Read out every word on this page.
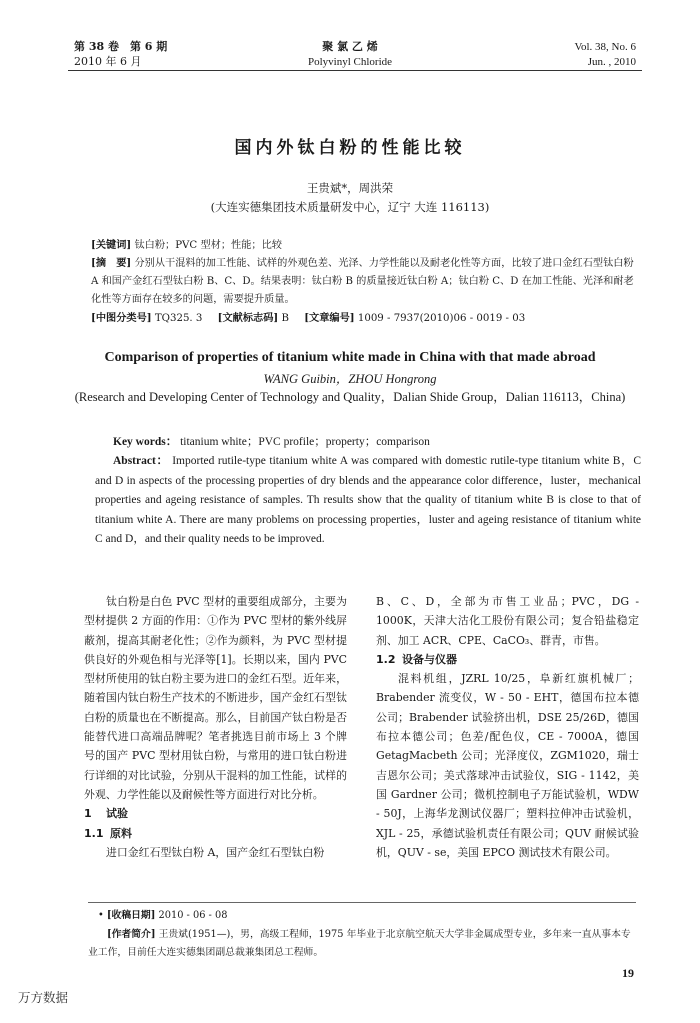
第 38 卷　第 6 期
2010 年 6 月
聚 氯 乙 烯
Polyvinyl Chloride
Vol. 38, No. 6
Jun. , 2010
国内外钛白粉的性能比较
王贵斌*，周洪荣
(大连实德集团技术质量研发中心，辽宁 大连 116113)
[关键词] 钛白粉；PVC 型材；性能；比较
[摘　要] 分别从干混料的加工性能、试样的外观色差、光泽、力学性能以及耐老化性等方面，比较了进口金红石型钛白粉 A 和国产金红石型钛白粉 B、C、D。结果表明：钛白粉 B 的质量接近钛白粉 A；钛白粉 C、D 在加工性能、光泽和耐老化性等方面存在较多的问题，需要提升质量。
[中图分类号] TQ325. 3 [文献标志码] B [文章编号] 1009 - 7937(2010)06 - 0019 - 03
Comparison of properties of titanium white made in China with that made abroad
WANG Guibin，ZHOU Hongrong
(Research and Developing Center of Technology and Quality，Dalian Shide Group，Dalian 116113，China)
Key words： titanium white；PVC profile；property；comparison
Abstract： Imported rutile-type titanium white A was compared with domestic rutile-type titanium white B，C and D in aspects of the processing properties of dry blends and the appearance color difference，luster，mechanical properties and ageing resistance of samples. Th results show that the quality of titanium white B is close to that of titanium white A. There are many problems on processing properties，luster and ageing resistance of titanium white C and D，and their quality needs to be improved.

钛白粉是白色 PVC 型材的重要组成部分，主要为型材提供 2 方面的作用：①作为 PVC 型材的紫外线屏蔽剂，提高其耐老化性；②作为颜料，为 PVC 型材提供良好的外观色相与光泽等[1]。长期以来，国内 PVC 型材所使用的钛白粉主要为进口的金红石型。近年来，随着国内钛白粉生产技术的不断进步，国产金红石型钛白粉的质量也在不断提高。那么，目前国产钛白粉是否能替代进口高端品牌呢？笔者挑选目前市场上 3 个牌号的国产 PVC 型材用钛白粉，与常用的进口钛白粉进行详细的对比试验，分别从干混料的加工性能，试样的外观、力学性能以及耐候性等方面进行对比分析。

1 试验

1.1 原料

进口金红石型钛白粉 A，国产金红石型钛白粉

B、C、D，全部为市售工业品；PVC，DG - 1000K，天津大沽化工股份有限公司；复合铅盐稳定剂、加工 ACR、CPE、CaCO₃、群青，市售。

1.2 设备与仪器

混料机组，JZRL 10/25，阜新红旗机械厂；Brabender 流变仪，W - 50 - EHT，德国布拉本德公司；Brabender 试验挤出机，DSE 25/26D，德国布拉本德公司；色差/配色仪，CE - 7000A，德国 GetagMacbeth 公司；光泽度仪，ZGM1020，瑞士吉恩尔公司；美式落球冲击试验仪，SIG - 1142，美国 Gardner 公司；微机控制电子万能试验机，WDW - 50J，上海华龙测试仪器厂；塑料拉伸冲击试验机，XJL - 25，承德试验机责任有限公司；QUV 耐候试验机，QUV - se，美国 EPCO 测试技术有限公司。

• [收稿日期] 2010 - 06 - 08
[作者简介] 王贵斌(1951—)，男，高级工程师，1975 年毕业于北京航空航天大学非金属成型专业，多年来一直从事本专业工作，目前任大连实德集团副总裁兼集团总工程师。
19
万方数据
